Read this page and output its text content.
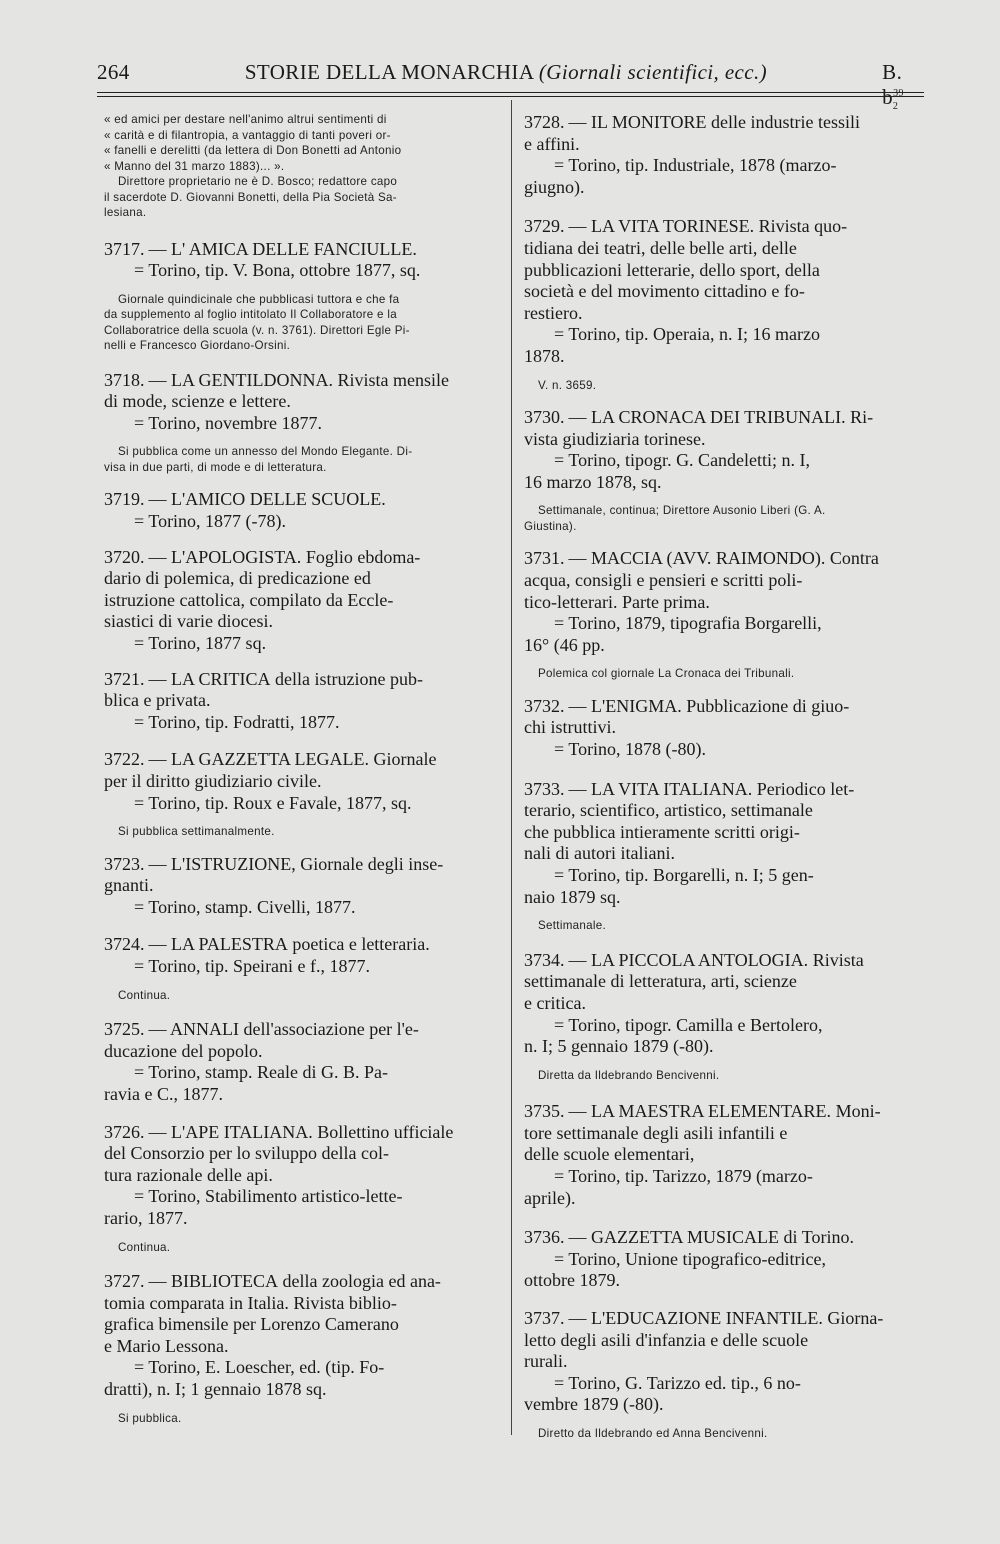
264	STORIE DELLA MONARCHIA (Giornali scientifici, ecc.)	B. $b^{39}_2$
« ed amici per destare nell'animo altrui sentimenti di
« carità e di filantropia, a vantaggio di tanti poveri or-
« fanelli e derelitti (da lettera di Don Bonetti ad Antonio
« Manno del 31 marzo 1883)... ».
Direttore proprietario ne è D. Bosco; redattore capo
il sacerdote D. Giovanni Bonetti, della Pia Società Sa-
lesiana.
3717. — L' AMICA DELLE FANCIULLE.
= Torino, tip. V. Bona, ottobre 1877, sq.
Giornale quindicinale che pubblicasi tuttora e che fa
da supplemento al foglio intitolato Il Collaboratore e la
Collaboratrice della scuola (v. n. 3761). Direttori Egle Pi-
nelli e Francesco Giordano-Orsini.
3718. — LA GENTILDONNA. Rivista mensile
di mode, scienze e lettere.
= Torino, novembre 1877.
Si pubblica come un annesso del Mondo Elegante. Di-
visa in due parti, di mode e di letteratura.
3719. — L'AMICO DELLE SCUOLE.
= Torino, 1877 (-78).
3720. — L'APOLOGISTA. Foglio ebdoma-
dario di polemica, di predicazione ed
istruzione cattolica, compilato da Eccle-
siastici di varie diocesi.
= Torino, 1877 sq.
3721. — LA CRITICA della istruzione pub-
blica e privata.
= Torino, tip. Fodratti, 1877.
3722. — LA GAZZETTA LEGALE. Giornale
per il diritto giudiziario civile.
= Torino, tip. Roux e Favale, 1877, sq.
Si pubblica settimanalmente.
3723. — L'ISTRUZIONE, Giornale degli inse-
gnanti.
= Torino, stamp. Civelli, 1877.
3724. — LA PALESTRA poetica e letteraria.
= Torino, tip. Speirani e f., 1877.
Continua.
3725. — ANNALI dell'associazione per l'e-
ducazione del popolo.
= Torino, stamp. Reale di G. B. Pa-
ravia e C., 1877.
3726. — L'APE ITALIANA. Bollettino ufficiale
del Consorzio per lo sviluppo della col-
tura razionale delle api.
= Torino, Stabilimento artistico-lette-
rario, 1877.
Continua.
3727. — BIBLIOTECA della zoologia ed ana-
tomia comparata in Italia. Rivista biblio-
grafica bimensile per Lorenzo Camerano
e Mario Lessona.
= Torino, E. Loescher, ed. (tip. Fo-
dratti), n. I; 1 gennaio 1878 sq.
Si pubblica.
3728. — IL MONITORE delle industrie tessili
e affini.
= Torino, tip. Industriale, 1878 (marzo-
giugno).
3729. — LA VITA TORINESE. Rivista quo-
tidiana dei teatri, delle belle arti, delle
pubblicazioni letterarie, dello sport, della
società e del movimento cittadino e fo-
restiero.
= Torino, tip. Operaia, n. I; 16 marzo
1878.
V. n. 3659.
3730. — LA CRONACA DEI TRIBUNALI. Ri-
vista giudiziaria torinese.
= Torino, tipogr. G. Candeletti; n. I,
16 marzo 1878, sq.
Settimanale, continua; Direttore Ausonio Liberi (G. A.
Giustina).
3731. — MACCIA (AVV. RAIMONDO). Contra
acqua, consigli e pensieri e scritti poli-
tico-letterari. Parte prima.
= Torino, 1879, tipografia Borgarelli,
16° (46 pp.
Polemica col giornale La Cronaca dei Tribunali.
3732. — L'ENIGMA. Pubblicazione di giuo-
chi istruttivi.
= Torino, 1878 (-80).
3733. — LA VITA ITALIANA. Periodico let-
terario, scientifico, artistico, settimanale
che pubblica intieramente scritti origi-
nali di autori italiani.
= Torino, tip. Borgarelli, n. I; 5 gen-
naio 1879 sq.
Settimanale.
3734. — LA PICCOLA ANTOLOGIA. Rivista
settimanale di letteratura, arti, scienze
e critica.
= Torino, tipogr. Camilla e Bertolero,
n. I; 5 gennaio 1879 (-80).
Diretta da Ildebrando Bencivenni.
3735. — LA MAESTRA ELEMENTARE. Moni-
tore settimanale degli asili infantili e
delle scuole elementari,
= Torino, tip. Tarizzo, 1879 (marzo-
aprile).
3736. — GAZZETTA MUSICALE di Torino.
= Torino, Unione tipografico-editrice,
ottobre 1879.
3737. — L'EDUCAZIONE INFANTILE. Giorna-
letto degli asili d'infanzia e delle scuole
rurali.
= Torino, G. Tarizzo ed. tip., 6 no-
vembre 1879 (-80).
Diretto da Ildebrando ed Anna Bencivenni.
